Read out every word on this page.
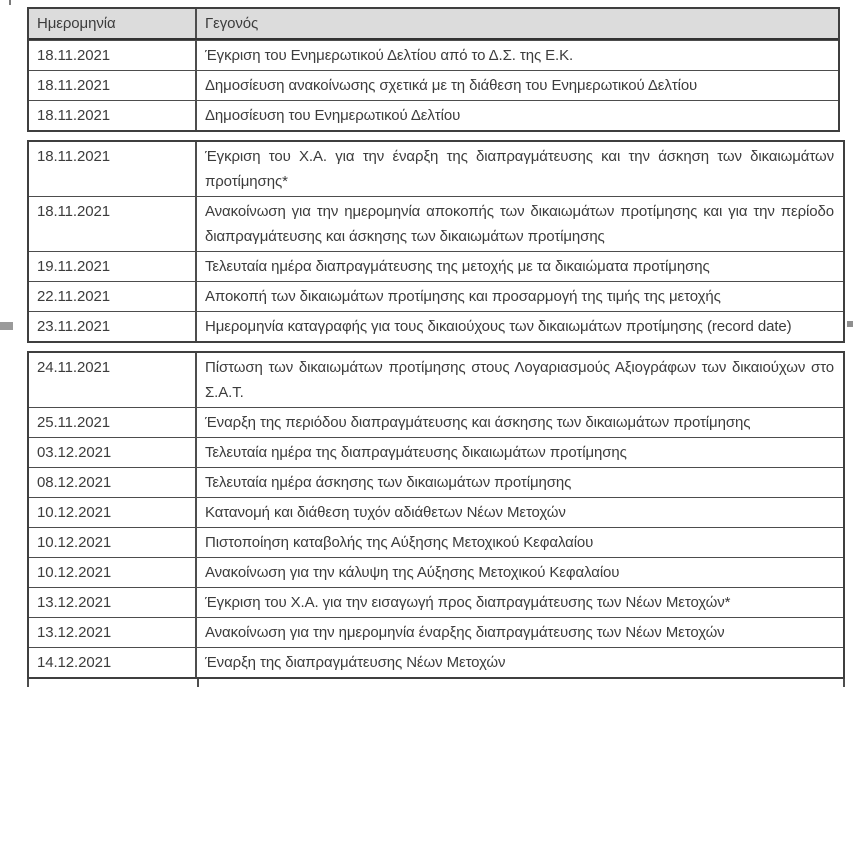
Ημερομηνία	Γεγονός
18.11.2021	Έγκριση του Ενημερωτικού Δελτίου από το Δ.Σ. της Ε.Κ.
18.11.2021	Δημοσίευση ανακοίνωσης σχετικά με τη διάθεση του Ενημερωτικού Δελτίου
18.11.2021	Δημοσίευση του Ενημερωτικού Δελτίου
18.11.2021	Έγκριση του Χ.Α. για την έναρξη της διαπραγμάτευσης και την άσκηση των δικαιωμάτων προτίμησης*
18.11.2021	Ανακοίνωση για την ημερομηνία αποκοπής των δικαιωμάτων προτίμησης και για την περίοδο διαπραγμάτευσης και άσκησης των δικαιωμάτων προτίμησης
19.11.2021	Τελευταία ημέρα διαπραγμάτευσης της μετοχής με τα δικαιώματα προτίμησης
22.11.2021	Αποκοπή των δικαιωμάτων προτίμησης και προσαρμογή της τιμής της μετοχής
23.11.2021	Ημερομηνία καταγραφής για τους δικαιούχους των δικαιωμάτων προτίμησης (record date)
24.11.2021	Πίστωση των δικαιωμάτων προτίμησης στους Λογαριασμούς Αξιογράφων των δικαιούχων στο Σ.Α.Τ.
25.11.2021	Έναρξη της περιόδου διαπραγμάτευσης και άσκησης των δικαιωμάτων προτίμησης
03.12.2021	Τελευταία ημέρα της διαπραγμάτευσης δικαιωμάτων προτίμησης
08.12.2021	Τελευταία ημέρα άσκησης των δικαιωμάτων προτίμησης
10.12.2021	Κατανομή και διάθεση τυχόν αδιάθετων Νέων Μετοχών
10.12.2021	Πιστοποίηση καταβολής της Αύξησης Μετοχικού Κεφαλαίου
10.12.2021	Ανακοίνωση για την κάλυψη της Αύξησης Μετοχικού Κεφαλαίου
13.12.2021	Έγκριση του Χ.Α. για την εισαγωγή προς διαπραγμάτευσης των Νέων Μετοχών*
13.12.2021	Ανακοίνωση για την ημερομηνία έναρξης διαπραγμάτευσης των Νέων Μετοχών
14.12.2021	Έναρξη της διαπραγμάτευσης Νέων Μετοχών
